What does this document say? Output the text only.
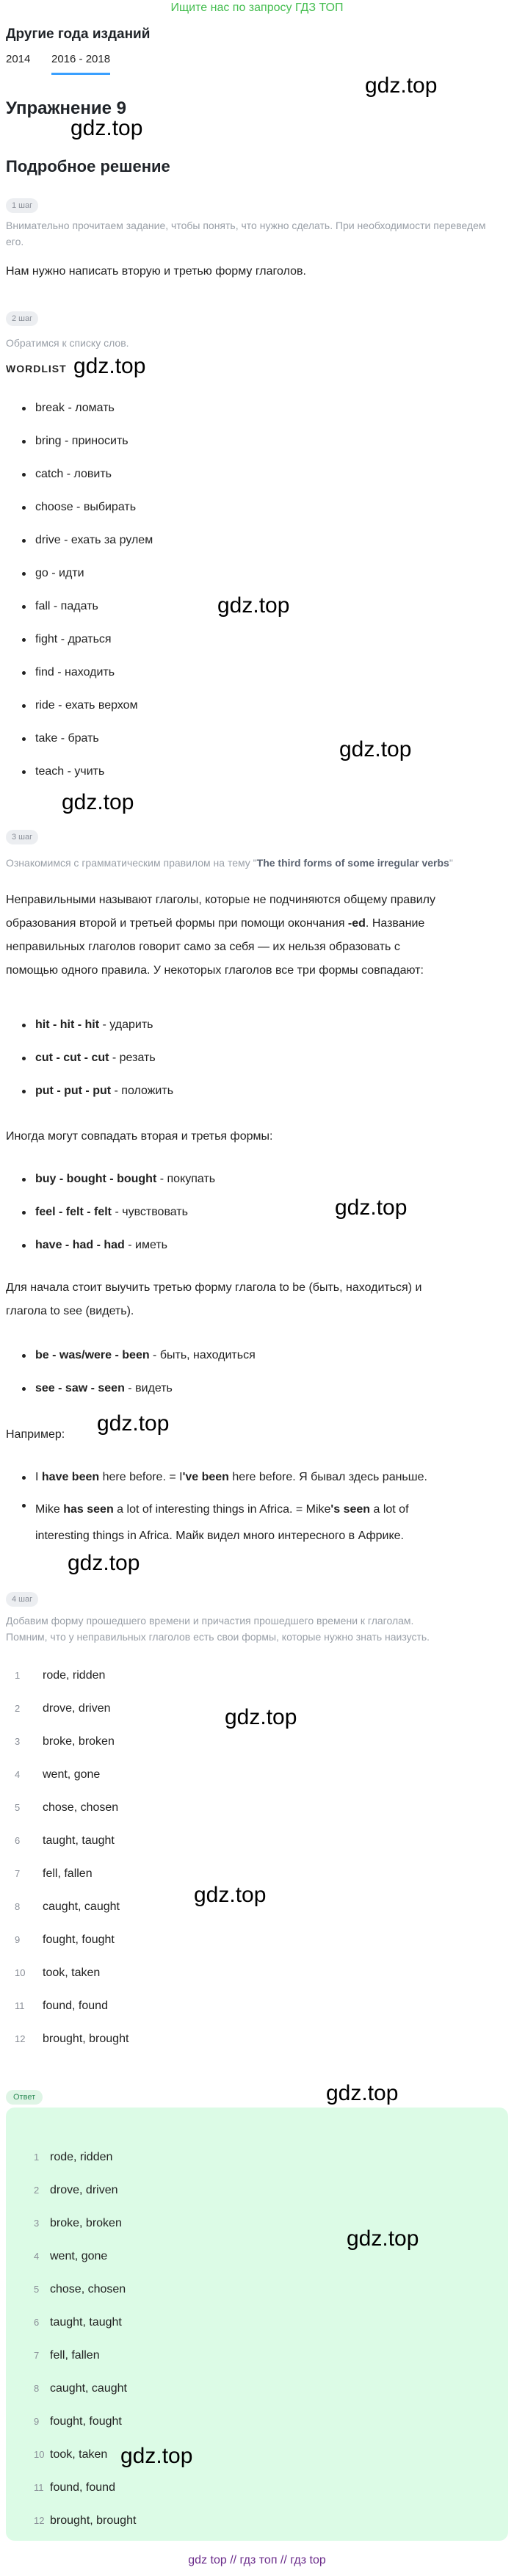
Ищите нас по запросу ГДЗ ТОП
Другие года изданий
2014 2016 - 2018
Упражнение 9
gdz.top
gdz.top
Подробное решение
1 шаг
Внимательно прочитаем задание, чтобы понять, что нужно сделать. При необходимости переведем его.
Нам нужно написать вторую и третью форму глаголов.
2 шаг
Обратимся к списку слов.
WORDLIST gdz.top
break - ломать
bring - приносить
catch - ловить
choose - выбирать
drive - ехать за рулем
go - идти
fall - падать
fight - драться
find - находить
ride - ехать верхом
take - брать
teach - учить
gdz.top
gdz.top
gdz.top
3 шаг
Ознакомимся с грамматическим правилом на тему "The third forms of some irregular verbs"
Неправильными называют глаголы, которые не подчиняются общему правилу
образования второй и третьей формы при помощи окончания -ed. Название
неправильных глаголов говорит само за себя — их нельзя образовать с
помощью одного правила. У некоторых глаголов все три формы совпадают:
hit - hit - hit - ударить
cut - cut - cut - резать
put - put - put - положить
Иногда могут совпадать вторая и третья формы:
buy - bought - bought - покупать
feel - felt - felt - чувствовать
have - had - had - иметь
gdz.top
Для начала стоит выучить третью форму глагола to be (быть, находиться) и
глагола to see (видеть).
be - was/were - been - быть, находиться
see - saw - seen - видеть
Например: gdz.top
I have been here before. = I've been here before. Я бывал здесь раньше.
Mike has seen a lot of interesting things in Africa. = Mike's seen a lot of
interesting things in Africa. Майк видел много интересного в Африке.
gdz.top
4 шаг
Добавим форму прошедшего времени и причастия прошедшего времени к глаголам.
Помним, что у неправильных глаголов есть свои формы, которые нужно знать наизусть.
1	rode, ridden
2	drove, driven
3	broke, broken
4	went, gone
5	chose, chosen
6	taught, taught
7	fell, fallen
8	caught, caught
9	fought, fought
10	took, taken
11	found, found
12	brought, brought
gdz.top
gdz.top
Ответ	gdz.top
1 rode, ridden
2 drove, driven
3 broke, broken
4 went, gone
5 chose, chosen
6 taught, taught
7 fell, fallen
8 caught, caught
9 fought, fought
10 took, taken
11 found, found
12 brought, brought
gdz.top
gdz.top
gdz top // гдз топ // гдз top
